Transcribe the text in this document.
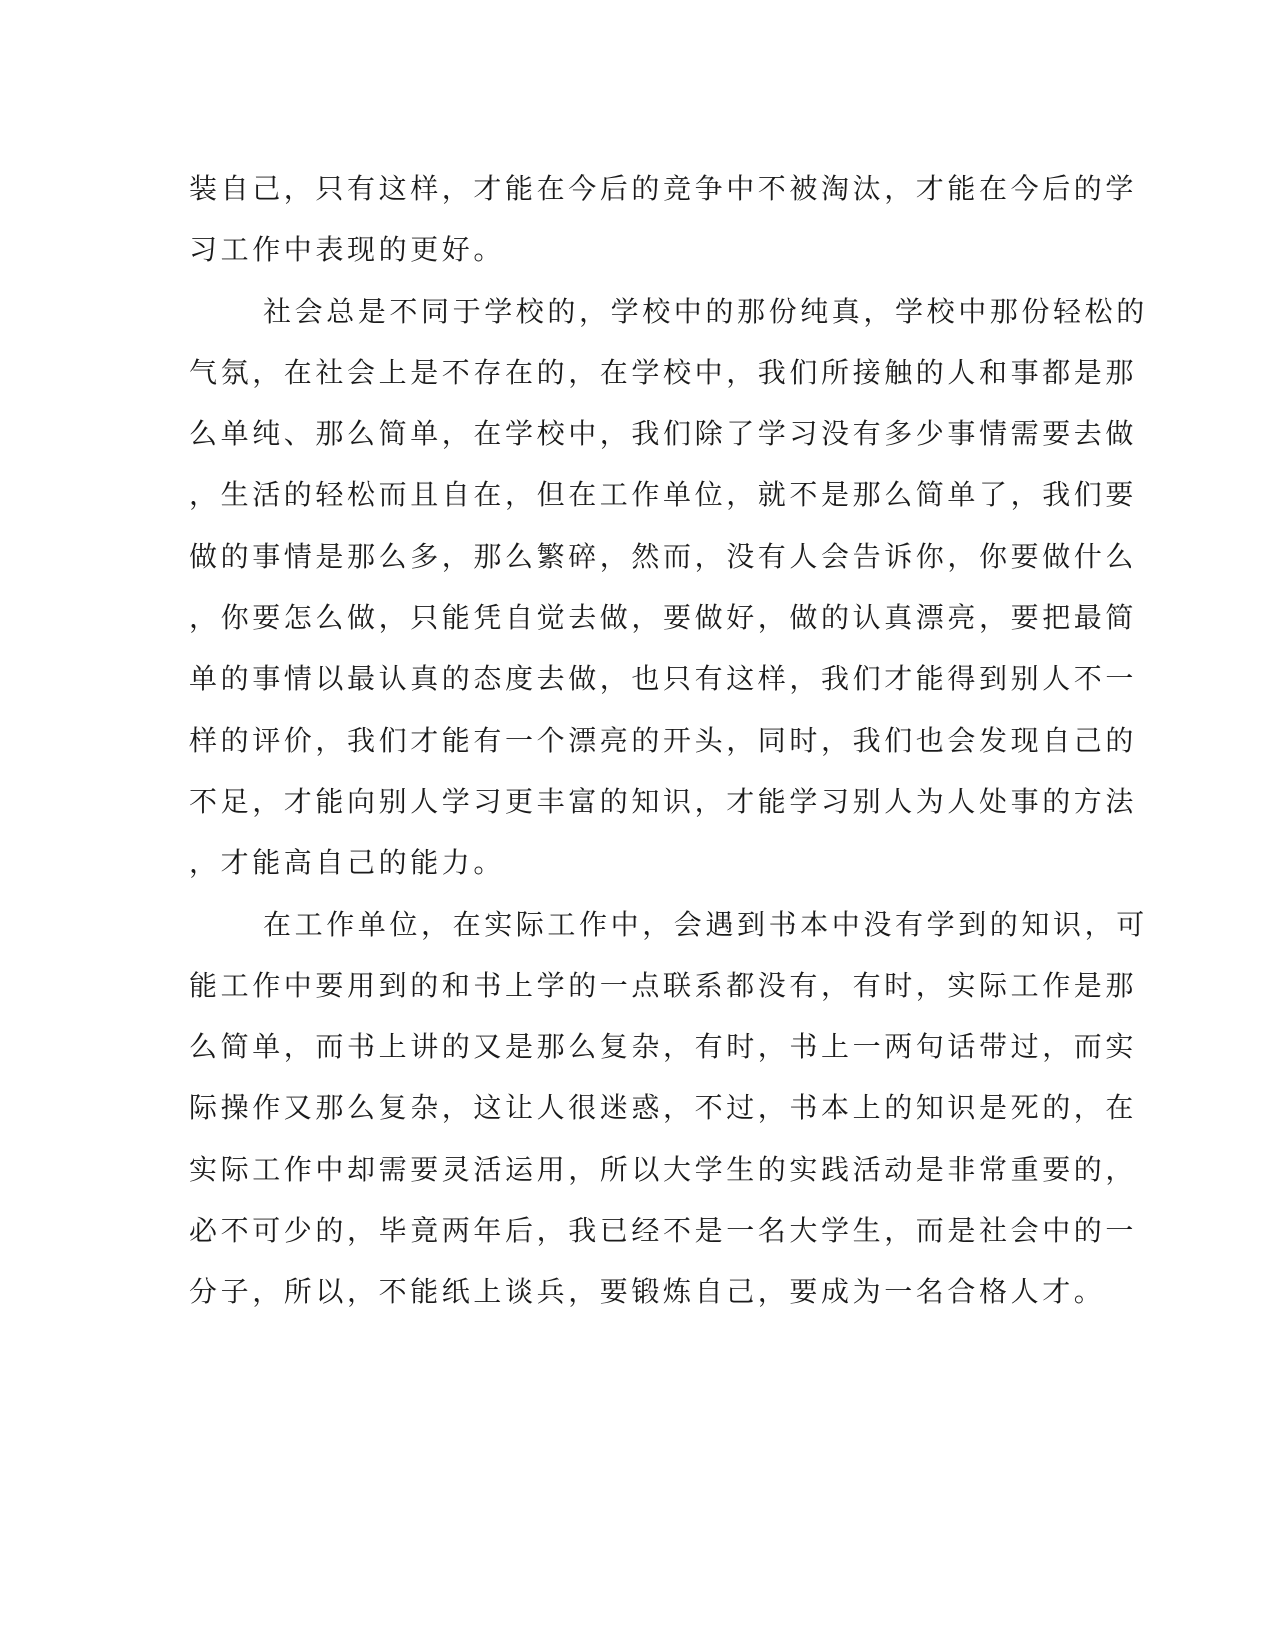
装自己，只有这样，才能在今后的竞争中不被淘汰，才能在今后的学
习工作中表现的更好。
社会总是不同于学校的，学校中的那份纯真，学校中那份轻松的
气氛，在社会上是不存在的，在学校中，我们所接触的人和事都是那
么单纯、那么简单，在学校中，我们除了学习没有多少事情需要去做
，生活的轻松而且自在，但在工作单位，就不是那么简单了，我们要
做的事情是那么多，那么繁碎，然而，没有人会告诉你，你要做什么
，你要怎么做，只能凭自觉去做，要做好，做的认真漂亮，要把最简
单的事情以最认真的态度去做，也只有这样，我们才能得到别人不一
样的评价，我们才能有一个漂亮的开头，同时，我们也会发现自己的
不足，才能向别人学习更丰富的知识，才能学习别人为人处事的方法
，才能高自己的能力。
在工作单位，在实际工作中，会遇到书本中没有学到的知识，可
能工作中要用到的和书上学的一点联系都没有，有时，实际工作是那
么简单，而书上讲的又是那么复杂，有时，书上一两句话带过，而实
际操作又那么复杂，这让人很迷惑，不过，书本上的知识是死的，在
实际工作中却需要灵活运用，所以大学生的实践活动是非常重要的，
必不可少的，毕竟两年后，我已经不是一名大学生，而是社会中的一
分子，所以，不能纸上谈兵，要锻炼自己，要成为一名合格人才。
